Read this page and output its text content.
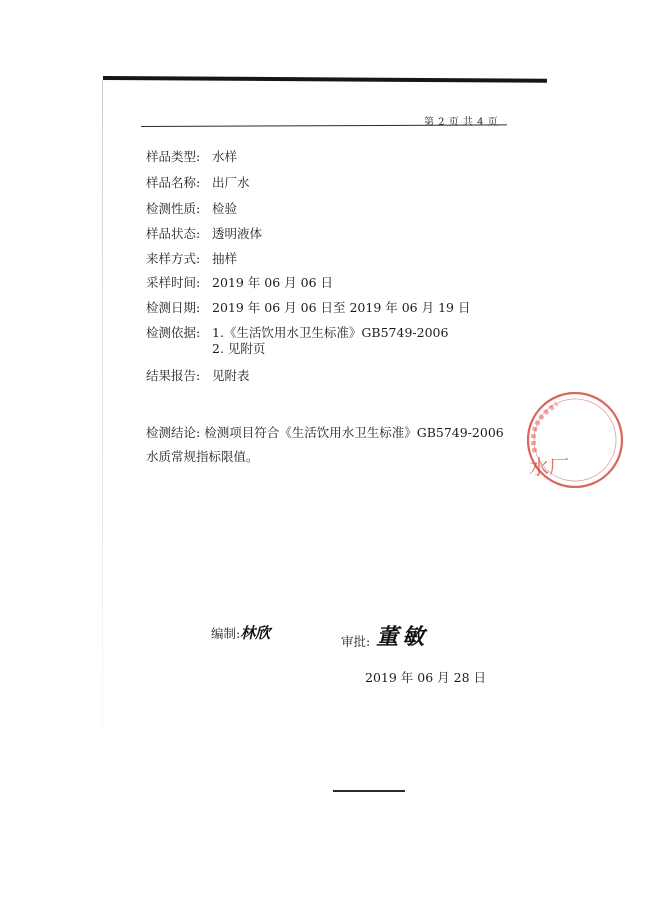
第 2 页 共 4 页
样品类型: 水样
样品名称: 出厂水
检测性质: 检验
样品状态: 透明液体
来样方式: 抽样
采样时间: 2019 年 06 月 06 日
检测日期: 2019 年 06 月 06 日至 2019 年 06 月 19 日
检测依据: 1.《生活饮用水卫生标准》GB5749-2006
2. 见附页
结果报告: 见附表
检测结论: 检测项目符合《生活饮用水卫生标准》GB5749-2006
水质常规指标限值。	水厂
编制:林欣	审批: 董敏
2019 年 06 月 28 日
